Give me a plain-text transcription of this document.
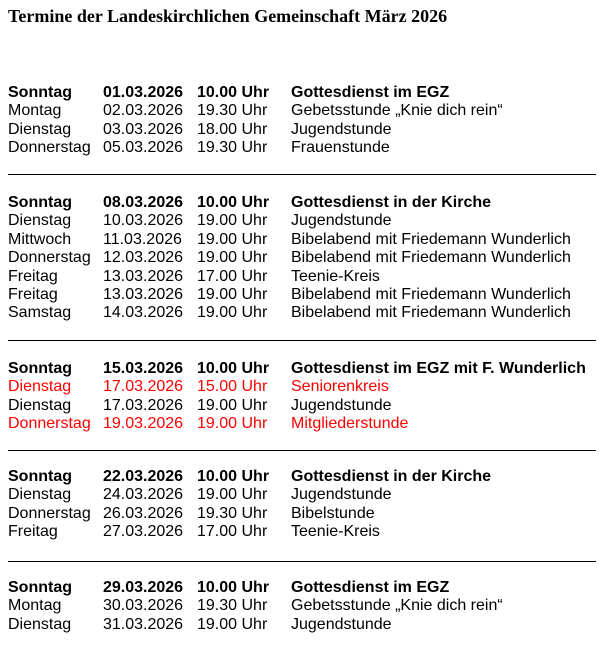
Termine der Landeskirchlichen Gemeinschaft März 2026
Sonntag 01.03.2026 10.00 Uhr Gottesdienst im EGZ
Montag	02.03.2026 19.30 Uhr Gebetsstunde „Knie dich rein“
Dienstag 03.03.2026 18.00 Uhr Jugendstunde
Donnerstag 05.03.2026 19.30 Uhr Frauenstunde
Sonntag 08.03.2026 10.00 Uhr Gottesdienst in der Kirche
Dienstag 10.03.2026 19.00 Uhr Jugendstunde
Mittwoch 11.03.2026 19.00 Uhr Bibelabend mit Friedemann Wunderlich
Donnerstag 12.03.2026 19.00 Uhr Bibelabend mit Friedemann Wunderlich
Freitag	13.03.2026 17.00 Uhr Teenie-Kreis
Freitag	13.03.2026 19.00 Uhr Bibelabend mit Friedemann Wunderlich
Samstag 14.03.2026 19.00 Uhr Bibelabend mit Friedemann Wunderlich
Sonntag 15.03.2026 10.00 Uhr Gottesdienst im EGZ mit F. Wunderlich
Dienstag 17.03.2026 15.00 Uhr Seniorenkreis
Dienstag 17.03.2026 19.00 Uhr Jugendstunde
Donnerstag 19.03.2026 19.00 Uhr Mitgliederstunde
Sonntag 22.03.2026 10.00 Uhr Gottesdienst in der Kirche
Dienstag 24.03.2026 19.00 Uhr Jugendstunde
Donnerstag 26.03.2026 19.30 Uhr Bibelstunde
Freitag	27.03.2026 17.00 Uhr Teenie-Kreis
Sonntag 29.03.2026 10.00 Uhr Gottesdienst im EGZ
Montag	30.03.2026 19.30 Uhr Gebetsstunde „Knie dich rein“
Dienstag 31.03.2026 19.00 Uhr Jugendstunde
